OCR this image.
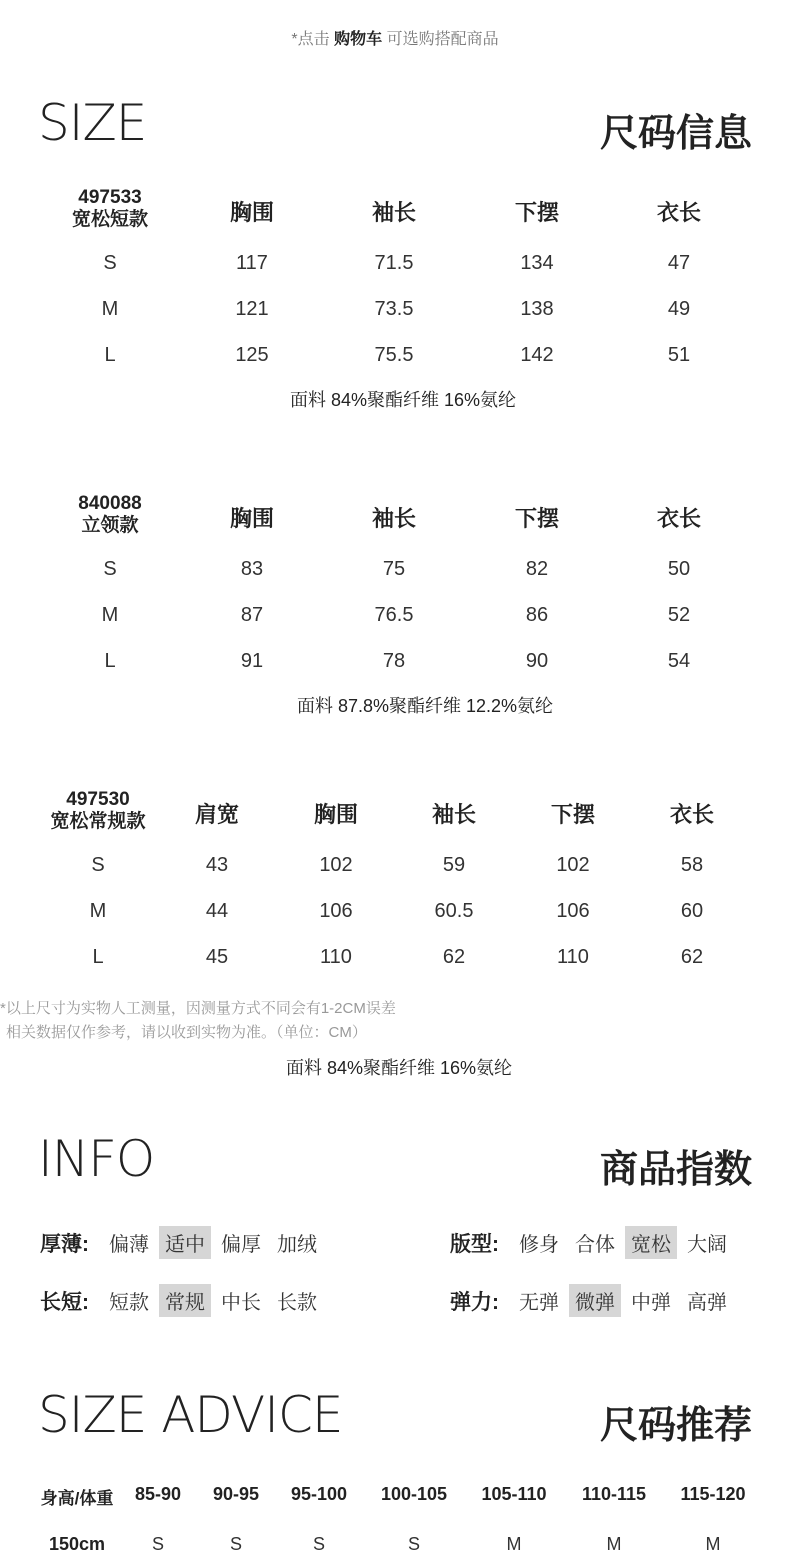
*点击 购物车 可选购搭配商品
SIZE	尺码信息
497533
宽松短款	胸围	袖长	下摆	衣长
S	117	71.5	134	47
M	121	73.5	138	49
L	125	75.5	142	51
面料 84%聚酯纤维 16%氨纶
840088
立领款	胸围	袖长	下摆	衣长
S	83	75	82	50
M	87	76.5	86	52
L	91	78	90	54
面料 87.8%聚酯纤维 12.2%氨纶
497530
宽松常规款	肩宽	胸围	袖长	下摆	衣长
S	43	102	59	102	58
M	44	106	60.5	106	60
L	45	110	62	110	62
*以上尺寸为实物人工测量，因测量方式不同会有1-2CM误差
相关数据仅作参考，请以收到实物为准。（单位：CM）
面料 84%聚酯纤维 16%氨纶
INFO	商品指数
厚薄:	偏薄 适中 偏厚 加绒	版型:	修身 合体 宽松 大阔
长短:	短款 常规 中长 长款	弹力:	无弹 微弹 中弹 高弹
SIZE ADVICE	尺码推荐
身高/体重	85-90	90-95	95-100	100-105	105-110	110-115	115-120
150cm	S	S	S	S	M	M	M
